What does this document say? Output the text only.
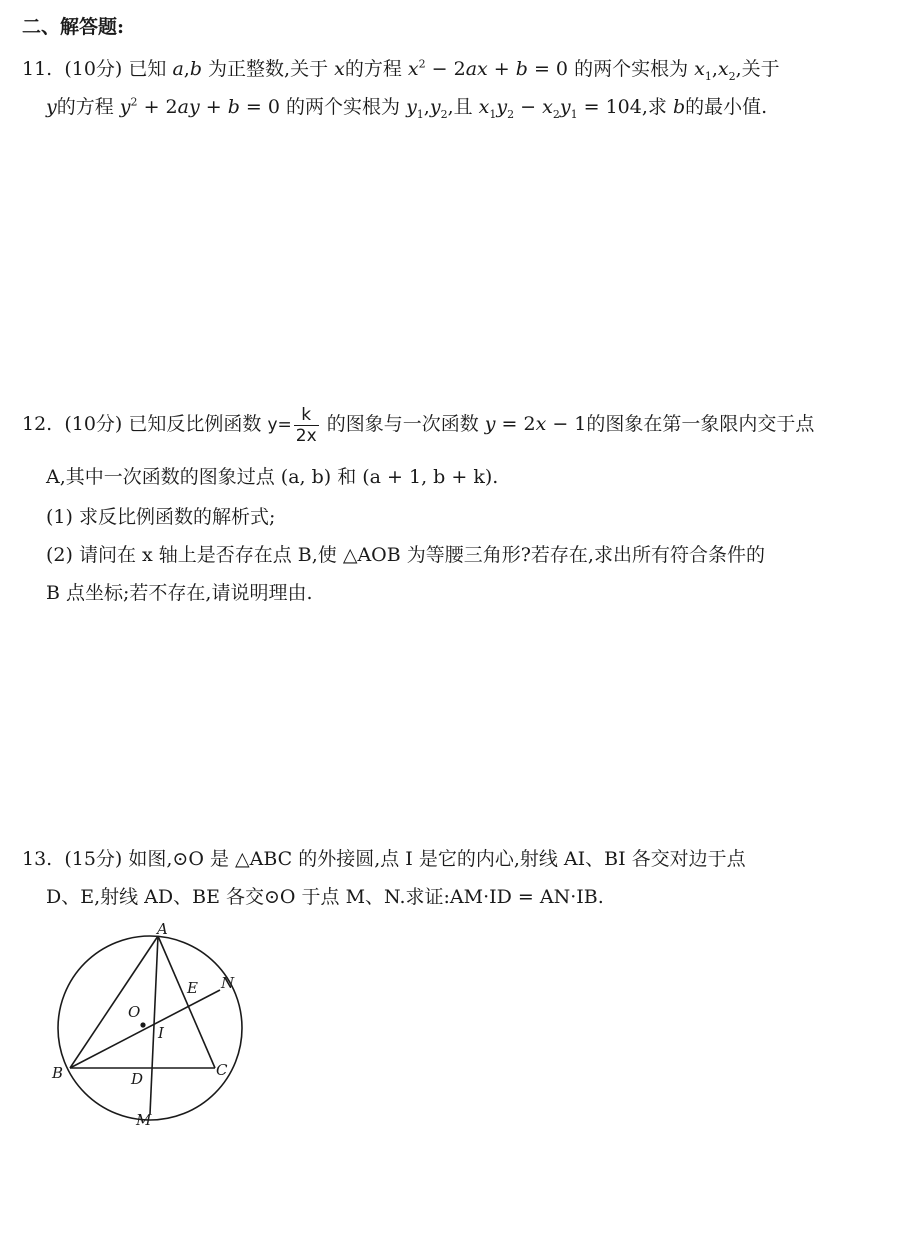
二、解答题:
11. (10分) 已知 a,b 为正整数,关于 x的方程 $x^2 - 2ax + b = 0$ 的两个实根为 $x_1,x_2$,关于
y的方程 $y^2 + 2ay + b = 0$ 的两个实根为 $y_1,y_2$,且 $x_1y_2 - x_2y_1 = 104$,求 b的最小值.
12. (10分) 已知反比例函数 $y= \frac{k}{2x}$ 的图象与一次函数 y = 2x − 1的图象在第一象限内交于点
A,其中一次函数的图象过点 (a, b) 和 (a + 1, b + k).
(1) 求反比例函数的解析式;
(2) 请问在 x 轴上是否存在点 B,使 △AOB 为等腰三角形?若存在,求出所有符合条件的
B 点坐标;若不存在,请说明理由.
13. (15分) 如图,⊙O 是 △ABC 的外接圆,点 I 是它的内心,射线 AI、BI 各交对边于点
D、E,射线 AD、BE 各交⊙O 于点 M、N.求证:AM·ID = AN·IB.
A
B	C
D
E
I
M
N
O
